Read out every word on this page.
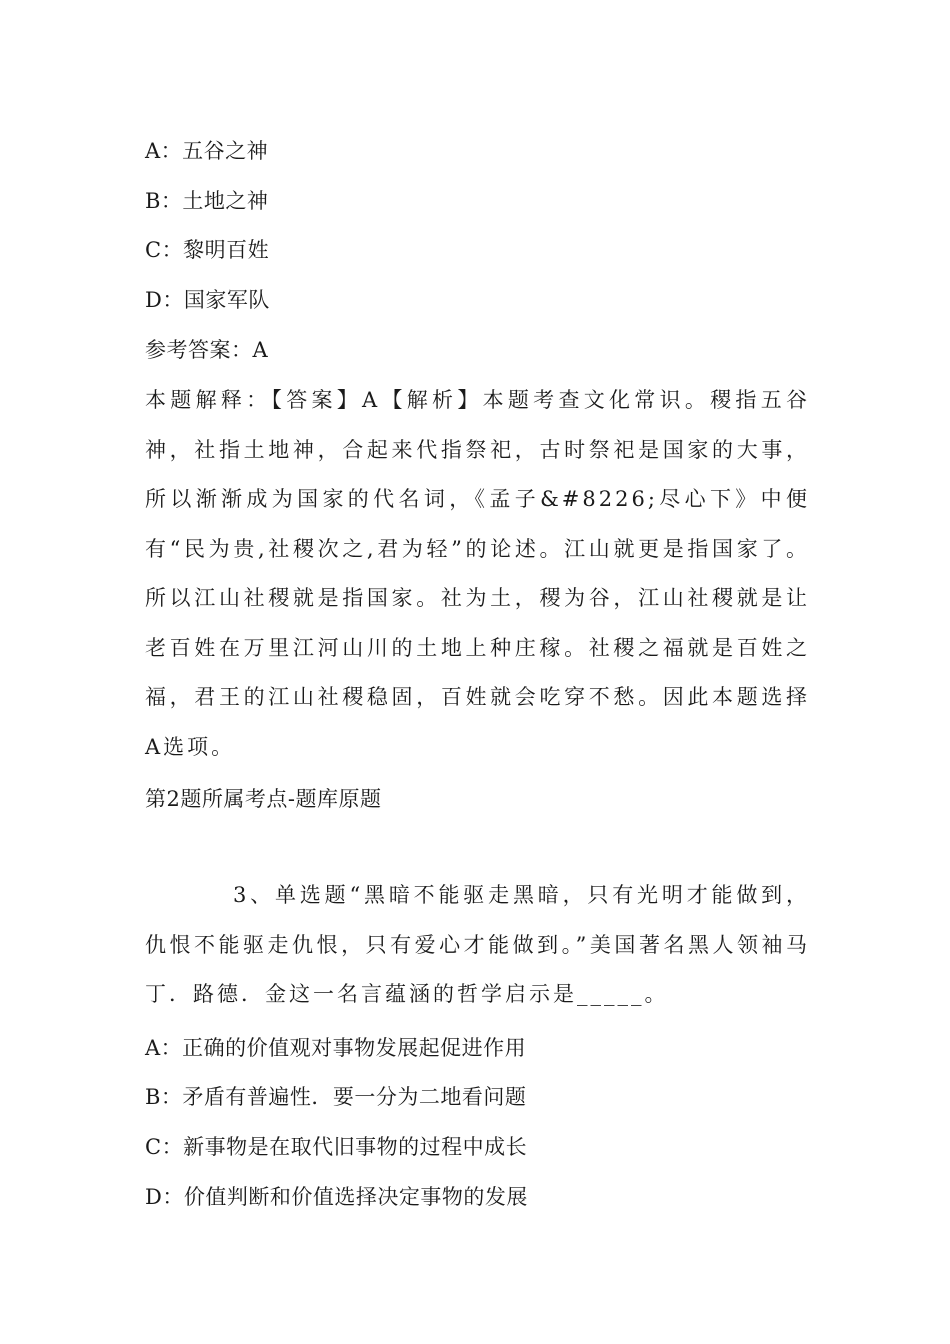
A：五谷之神
B：土地之神
C：黎明百姓
D：国家军队
参考答案：A
本题解释：【答案】A【解析】本题考查文化常识。稷指五谷神，社指土地神，合起来代指祭祀，古时祭祀是国家的大事，所以渐渐成为国家的代名词，《孟子&#8226;尽心下》中便有“民为贵,社稷次之,君为轻”的论述。江山就更是指国家了。所以江山社稷就是指国家。社为土，稷为谷，江山社稷就是让老百姓在万里江河山川的土地上种庄稼。社稷之福就是百姓之福，君王的江山社稷稳固，百姓就会吃穿不愁。因此本题选择A选项。
第2题所属考点-题库原题
3、单选题“黑暗不能驱走黑暗，只有光明才能做到，仇恨不能驱走仇恨，只有爱心才能做到。”美国著名黑人领袖马丁．路德．金这一名言蕴涵的哲学启示是_____。
A：正确的价值观对事物发展起促进作用
B：矛盾有普遍性．要一分为二地看问题
C：新事物是在取代旧事物的过程中成长
D：价值判断和价值选择决定事物的发展
